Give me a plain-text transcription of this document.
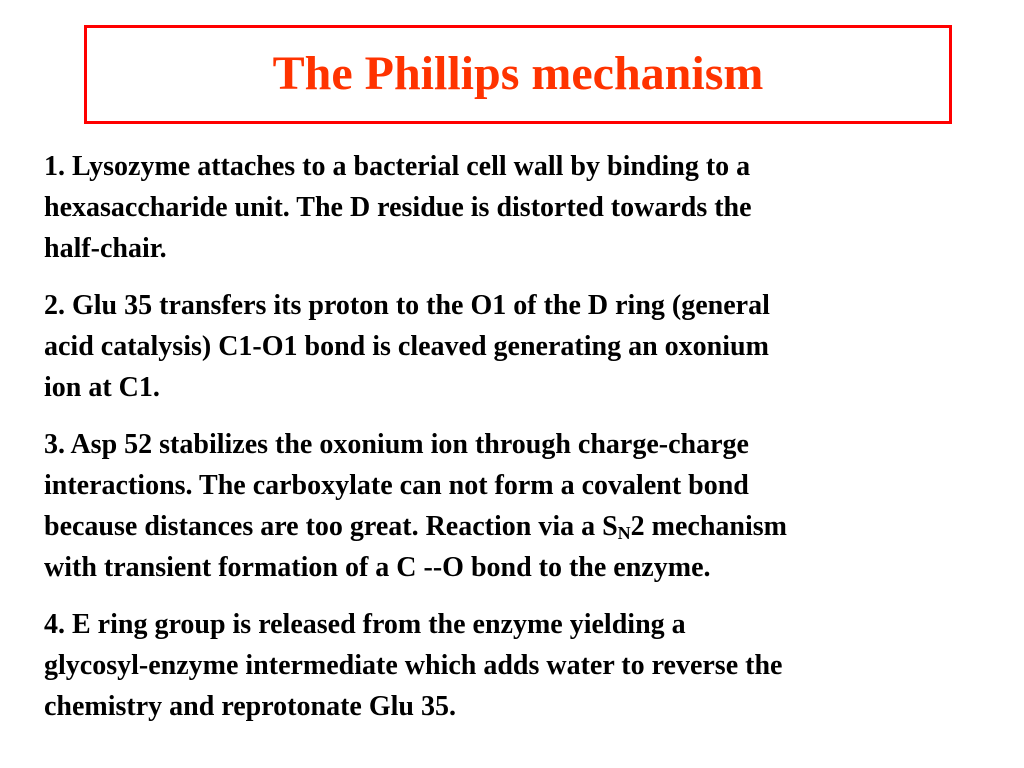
The Phillips mechanism

1. Lysozyme attaches to a bacterial cell wall by binding to a
hexasaccharide unit. The D residue is distorted towards the
half-chair.

2. Glu 35 transfers its proton to the O1 of the D ring (general
acid catalysis) C1-O1 bond is cleaved generating an oxonium
ion at C1.

3. Asp 52 stabilizes the oxonium ion through charge-charge
interactions. The carboxylate can not form a covalent bond
because distances are too great. Reaction via a $S_N2$ mechanism
with transient formation of a C --O bond to the enzyme.

4. E ring group is released from the enzyme yielding a
glycosyl-enzyme intermediate which adds water to reverse the
chemistry and reprotonate Glu 35.
